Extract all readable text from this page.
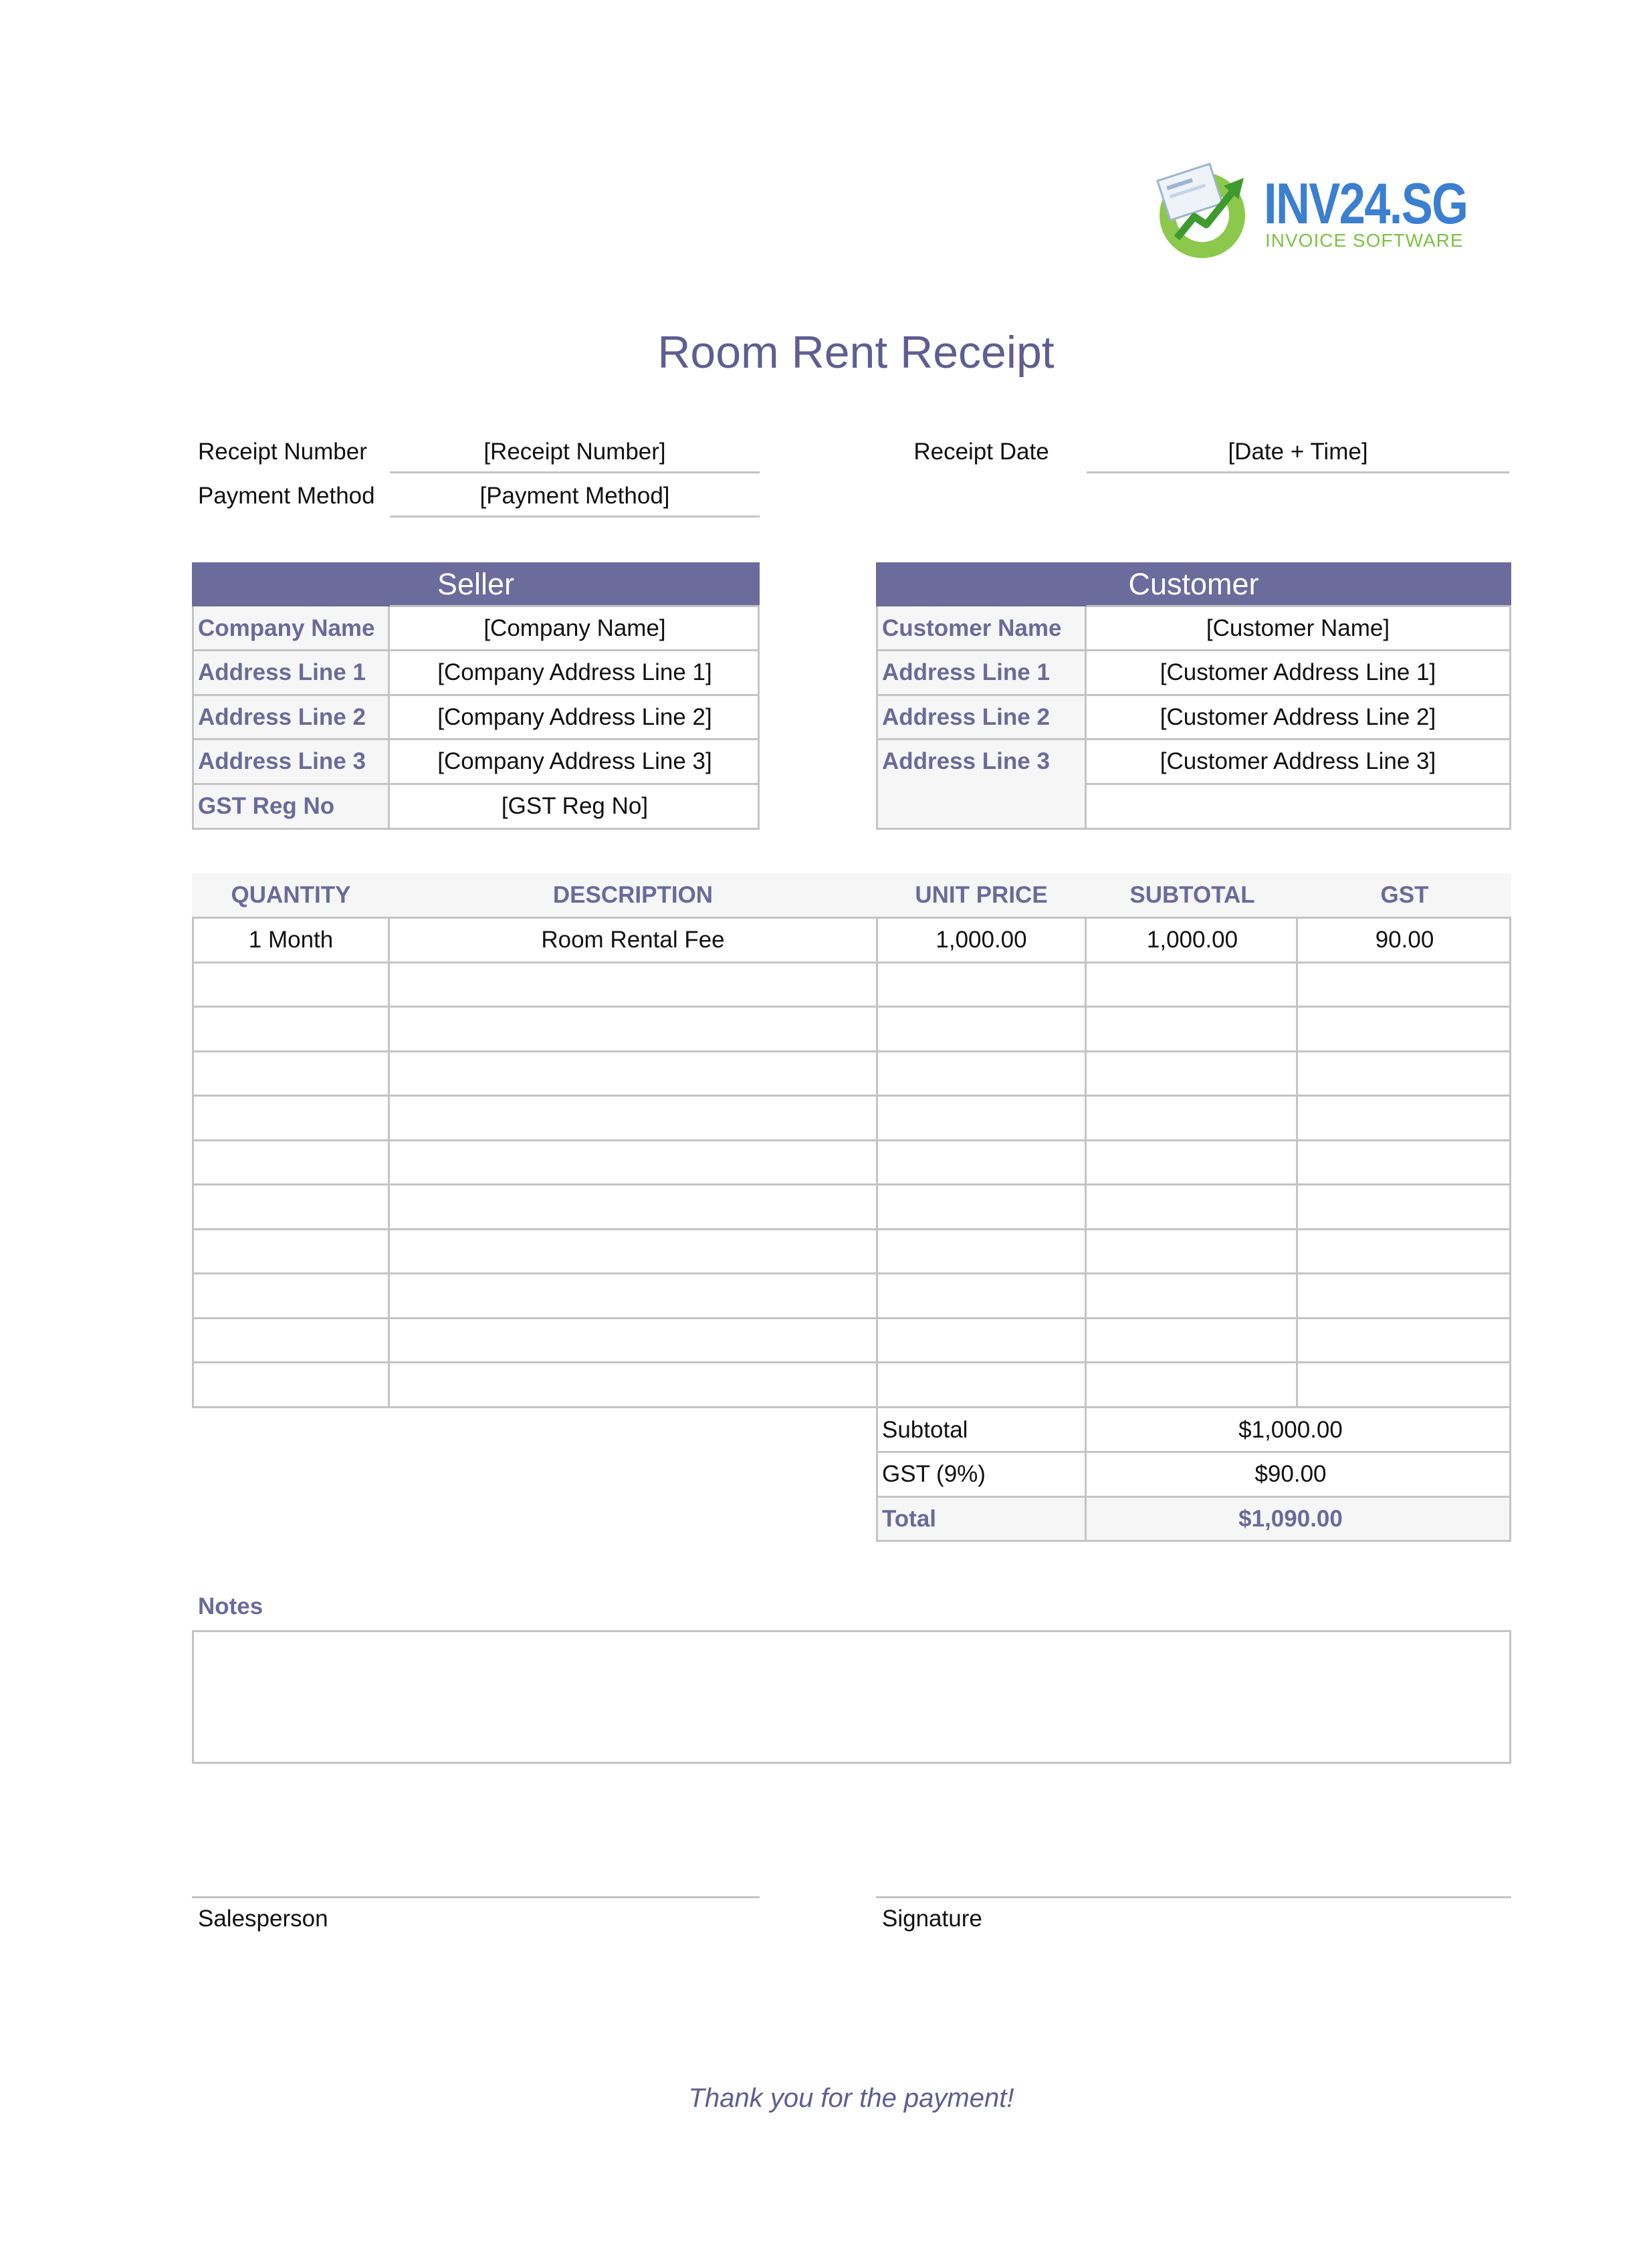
INV24.SG
INVOICE SOFTWARE
Room Rent Receipt
Receipt Number	[Receipt Number]
Payment Method	[Payment Method]
Receipt Date	[Date + Time]
Seller
Company Name	[Company Name]
Address Line 1	[Company Address Line 1]
Address Line 2	[Company Address Line 2]
Address Line 3	[Company Address Line 3]
GST Reg No	[GST Reg No]
Customer
Customer Name	[Customer Name]
Address Line 1	[Customer Address Line 1]
Address Line 2	[Customer Address Line 2]
Address Line 3	[Customer Address Line 3]
QUANTITY	DESCRIPTION	UNIT PRICE	SUBTOTAL	GST
1 Month	Room Rental Fee	1,000.00	1,000.00	90.00
Subtotal	$1,000.00
GST (9%)	$90.00
Total	$1,090.00
Notes
Salesperson	Signature
Thank you for the payment!
